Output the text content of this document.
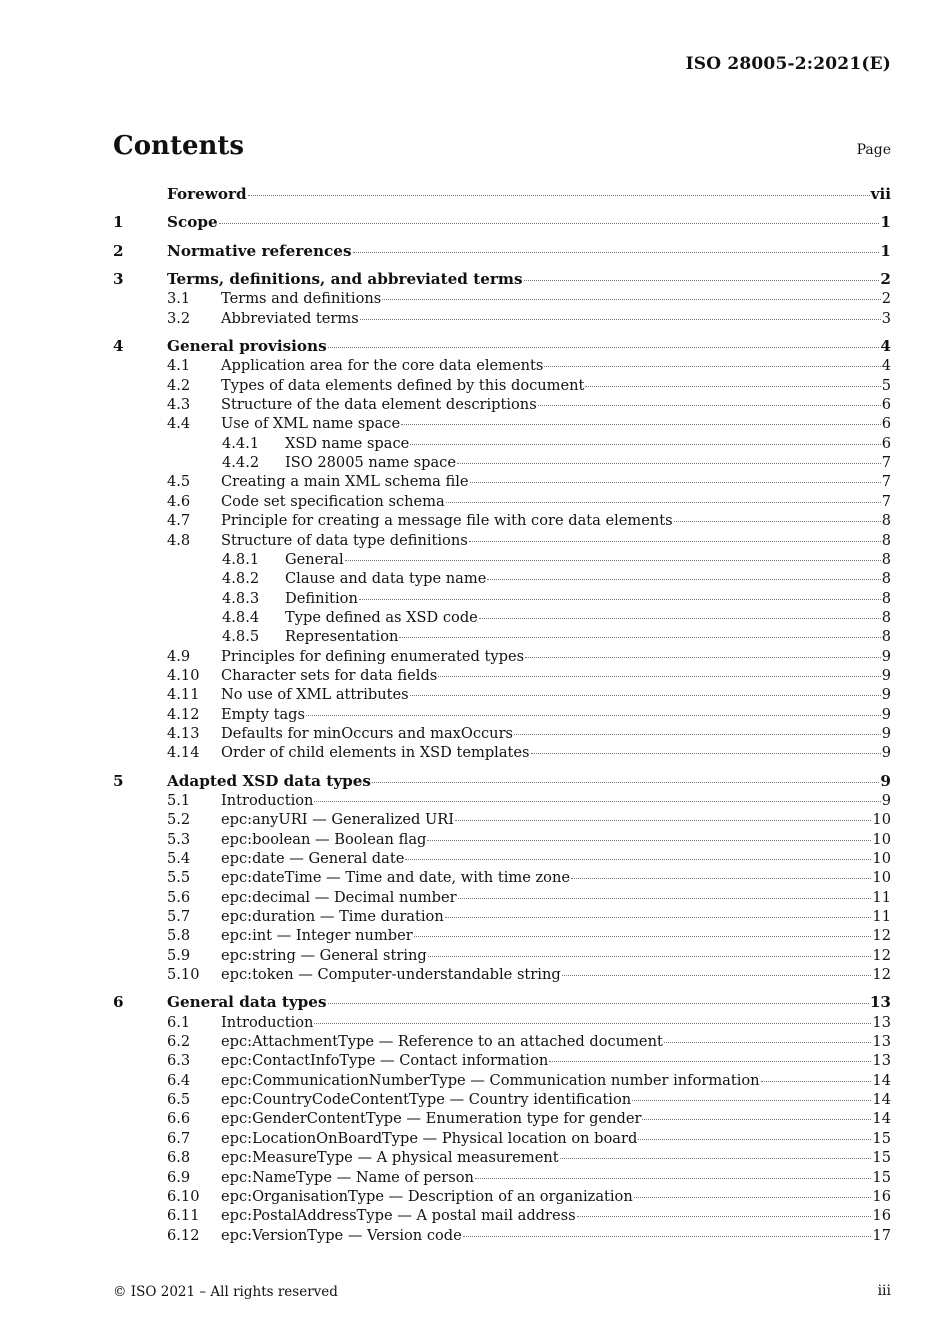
ISO 28005-2:2021(E)
Contents	Page
Foreword	vii
1	Scope	1
2	Normative references	1
3	Terms, definitions, and abbreviated terms	2
3.1	Terms and definitions	2
3.2	Abbreviated terms	3
4	General provisions	4
4.1	Application area for the core data elements	4
4.2	Types of data elements defined by this document	5
4.3	Structure of the data element descriptions	6
4.4	Use of XML name space	6
4.4.1	XSD name space	6
4.4.2	ISO 28005 name space	7
4.5	Creating a main XML schema file	7
4.6	Code set specification schema	7
4.7	Principle for creating a message file with core data elements	8
4.8	Structure of data type definitions	8
4.8.1	General	8
4.8.2	Clause and data type name	8
4.8.3	Definition	8
4.8.4	Type defined as XSD code	8
4.8.5	Representation	8
4.9	Principles for defining enumerated types	9
4.10	Character sets for data fields	9
4.11	No use of XML attributes	9
4.12	Empty tags	9
4.13	Defaults for minOccurs and maxOccurs	9
4.14	Order of child elements in XSD templates	9
5	Adapted XSD data types	9
5.1	Introduction	9
5.2	epc:anyURI — Generalized URI	10
5.3	epc:boolean — Boolean flag	10
5.4	epc:date — General date	10
5.5	epc:dateTime — Time and date, with time zone	10
5.6	epc:decimal — Decimal number	11
5.7	epc:duration — Time duration	11
5.8	epc:int — Integer number	12
5.9	epc:string — General string	12
5.10	epc:token — Computer-understandable string	12
6	General data types	13
6.1	Introduction	13
6.2	epc:AttachmentType — Reference to an attached document	13
6.3	epc:ContactInfoType — Contact information	13
6.4	epc:CommunicationNumberType — Communication number information	14
6.5	epc:CountryCodeContentType — Country identification	14
6.6	epc:GenderContentType — Enumeration type for gender	14
6.7	epc:LocationOnBoardType — Physical location on board	15
6.8	epc:MeasureType — A physical measurement	15
6.9	epc:NameType — Name of person	15
6.10	epc:OrganisationType — Description of an organization	16
6.11	epc:PostalAddressType — A postal mail address	16
6.12	epc:VersionType — Version code	17
© ISO 2021 – All rights reserved	iii
